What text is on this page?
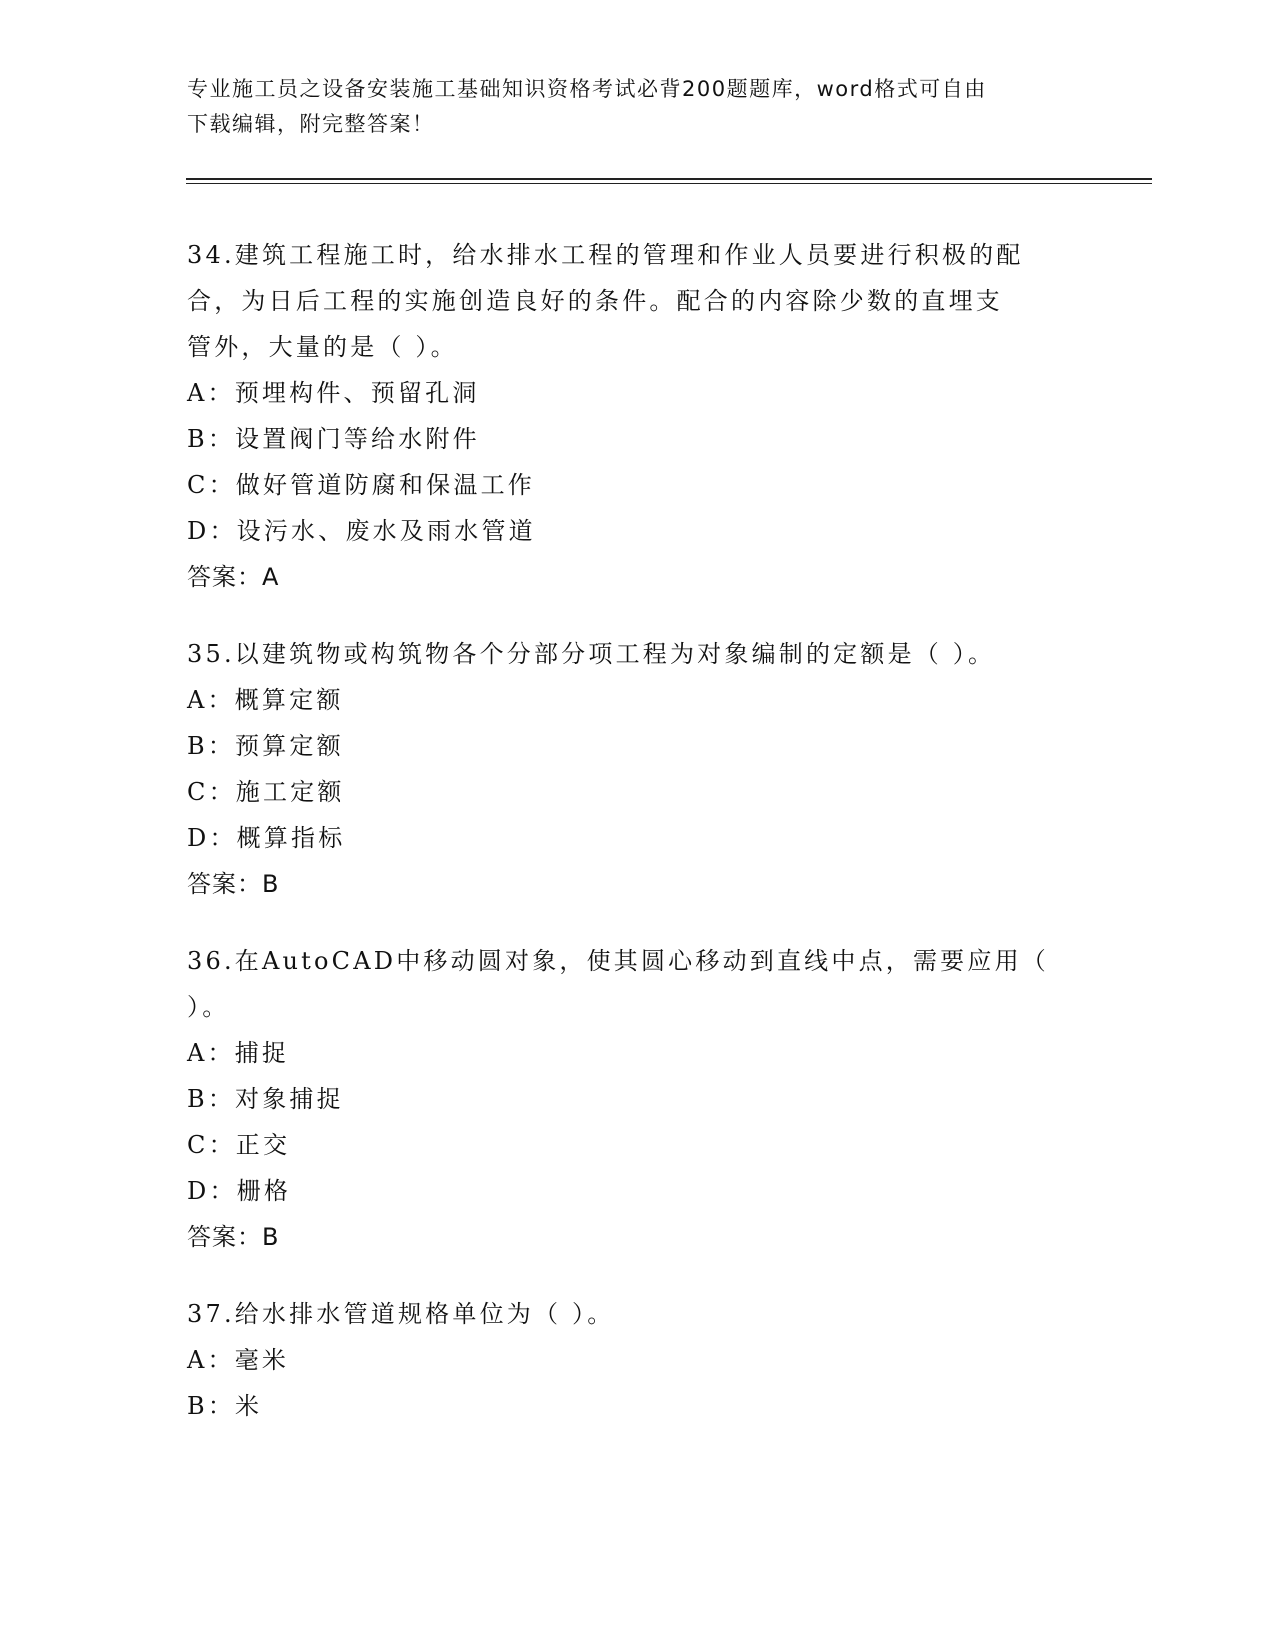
专业施工员之设备安装施工基础知识资格考试必背200题题库，word格式可自由
下载编辑，附完整答案！

34.建筑工程施工时，给水排水工程的管理和作业人员要进行积极的配

合，为日后工程的实施创造良好的条件。配合的内容除少数的直埋支

管外，大量的是（ ）。

A：预埋构件、预留孔洞

B：设置阀门等给水附件

C：做好管道防腐和保温工作

D：设污水、废水及雨水管道

答案：A

35.以建筑物或构筑物各个分部分项工程为对象编制的定额是（ ）。

A：概算定额

B：预算定额

C：施工定额

D：概算指标

答案：B

36.在AutoCAD中移动圆对象，使其圆心移动到直线中点，需要应用（

）。

A：捕捉

B：对象捕捉

C：正交

D：栅格

答案：B

37.给水排水管道规格单位为（ ）。

A：毫米

B：米
